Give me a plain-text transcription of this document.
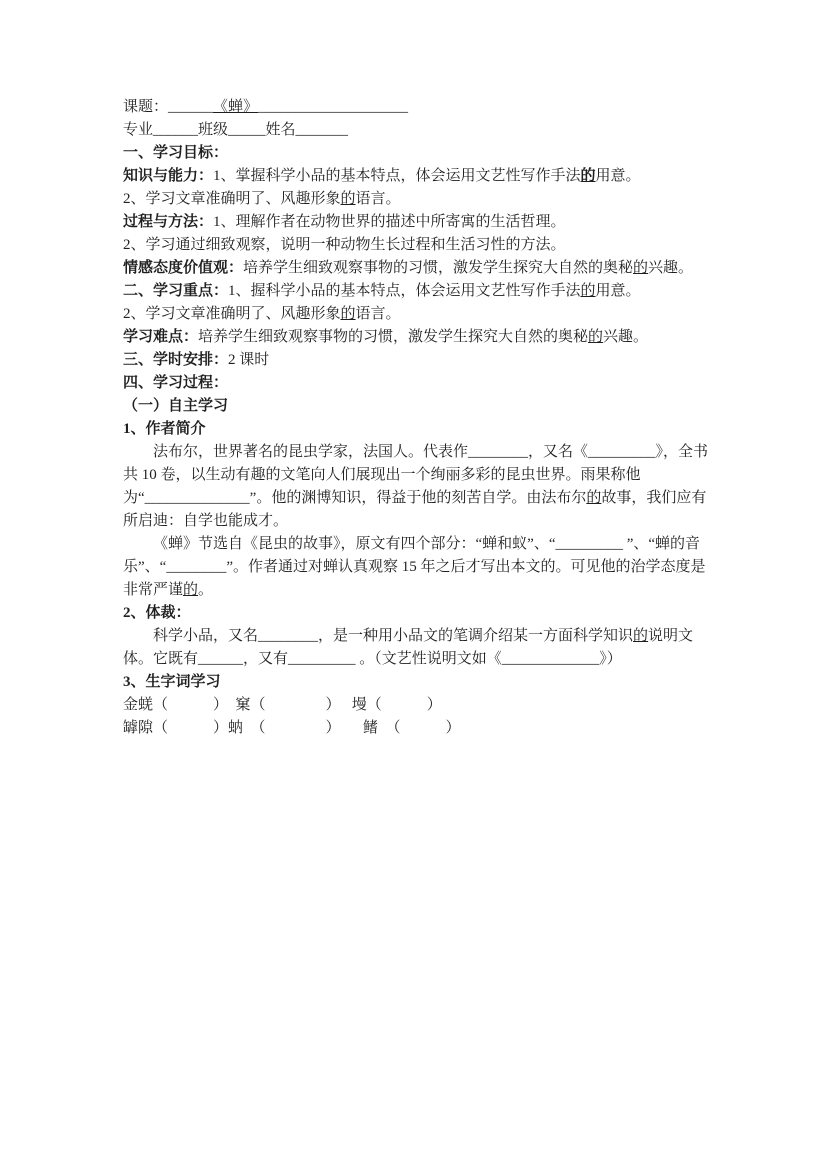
课题：______《蝉》____________________

专业______班级_____姓名_______

一、学习目标：

知识与能力：1、掌握科学小品的基本特点，体会运用文艺性写作手法的用意。

2、学习文章准确明了、风趣形象的语言。

过程与方法：1、理解作者在动物世界的描述中所寄寓的生活哲理。

2、学习通过细致观察，说明一种动物生长过程和生活习性的方法。

情感态度价值观：培养学生细致观察事物的习惯，激发学生探究大自然的奥秘的兴趣。

二、学习重点：1、握科学小品的基本特点，体会运用文艺性写作手法的用意。

2、学习文章准确明了、风趣形象的语言。

学习难点：培养学生细致观察事物的习惯，激发学生探究大自然的奥秘的兴趣。

三、学时安排：2 课时

四、学习过程：

（一）自主学习

1、作者简介

法布尔，世界著名的昆虫学家，法国人。代表作________，又名《_________》，全书共 10 卷，以生动有趣的文笔向人们展现出一个绚丽多彩的昆虫世界。雨果称他为“______________”。他的渊博知识，得益于他的刻苦自学。由法布尔的故事，我们应有所启迪：自学也能成才。

《蝉》节选自《昆虫的故事》，原文有四个部分：“蝉和蚁”、“_________ ”、“蝉的音乐”、“________”。作者通过对蝉认真观察 15 年之后才写出本文的。可见他的治学态度是非常严谨的。

2、体裁：

科学小品，又名________，是一种用小品文的笔调介绍某一方面科学知识的说明文体。它既有______，又有_________ 。（文艺性说明文如《_____________》）

3、生字词学习

金蜣（　　　）　窠（　　　　）　 墁（　　　）

罅隙（　　　）蚋　（　　　　）　　鳍　（　　　）
